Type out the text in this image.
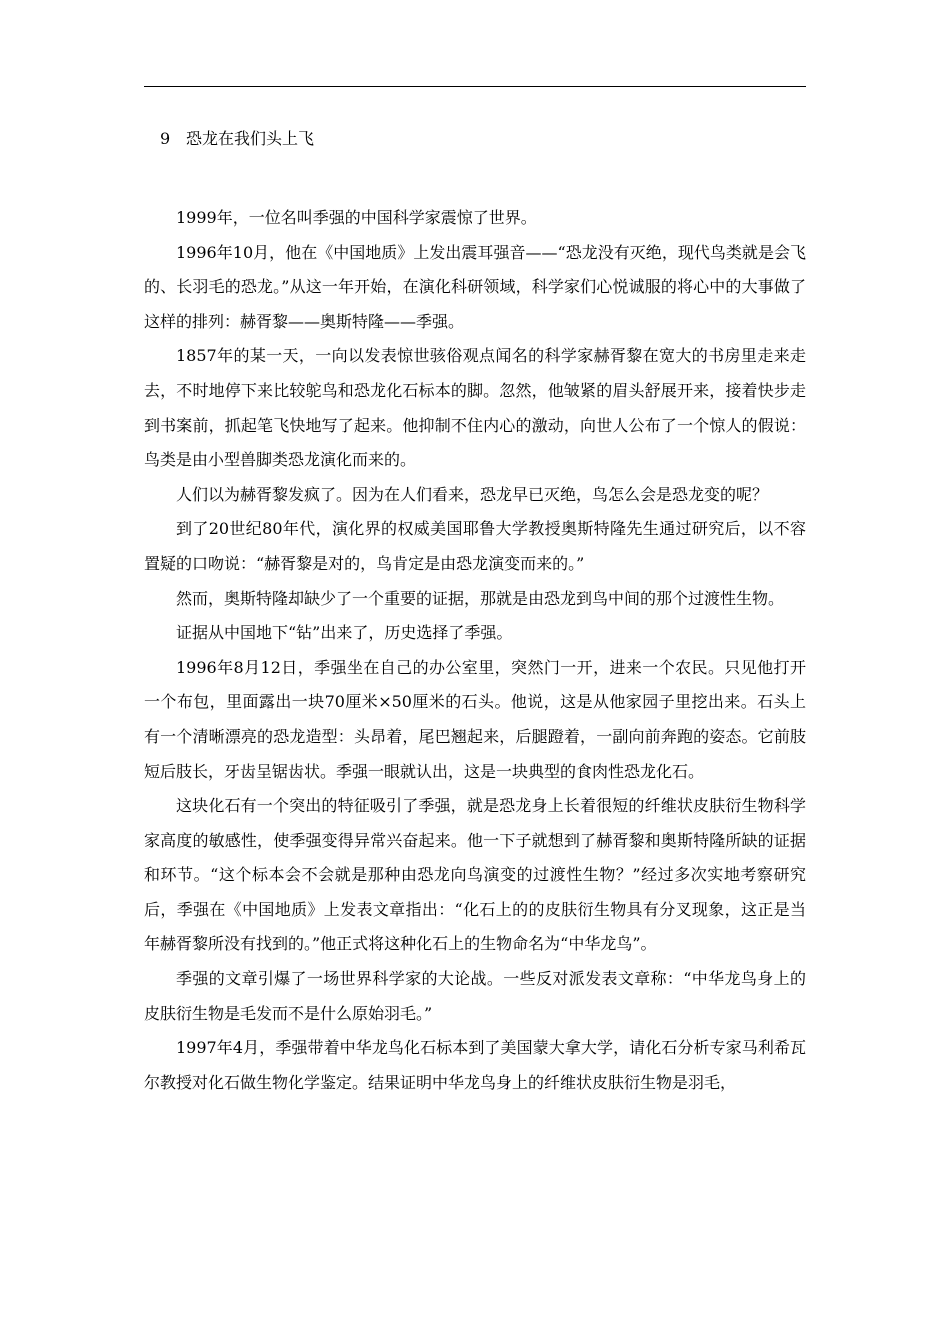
9 恐龙在我们头上飞

1999年，一位名叫季强的中国科学家震惊了世界。

1996年10月，他在《中国地质》上发出震耳强音——“恐龙没有灭绝，现代鸟类就是会飞的、长羽毛的恐龙。”从这一年开始，在演化科研领域，科学家们心悦诚服的将心中的大事做了这样的排列：赫胥黎——奥斯特隆——季强。

1857年的某一天，一向以发表惊世骇俗观点闻名的科学家赫胥黎在宽大的书房里走来走去，不时地停下来比较鸵鸟和恐龙化石标本的脚。忽然，他皱紧的眉头舒展开来，接着快步走到书案前，抓起笔飞快地写了起来。他抑制不住内心的激动，向世人公布了一个惊人的假说：鸟类是由小型兽脚类恐龙演化而来的。

人们以为赫胥黎发疯了。因为在人们看来，恐龙早已灭绝，鸟怎么会是恐龙变的呢？

到了20世纪80年代，演化界的权威美国耶鲁大学教授奥斯特隆先生通过研究后，以不容置疑的口吻说：“赫胥黎是对的，鸟肯定是由恐龙演变而来的。”

然而，奥斯特隆却缺少了一个重要的证据，那就是由恐龙到鸟中间的那个过渡性生物。

证据从中国地下“钻”出来了，历史选择了季强。

1996年8月12日，季强坐在自己的办公室里，突然门一开，进来一个农民。只见他打开一个布包，里面露出一块70厘米×50厘米的石头。他说，这是从他家园子里挖出来。石头上有一个清晰漂亮的恐龙造型：头昂着，尾巴翘起来，后腿蹬着，一副向前奔跑的姿态。它前肢短后肢长，牙齿呈锯齿状。季强一眼就认出，这是一块典型的食肉性恐龙化石。

这块化石有一个突出的特征吸引了季强，就是恐龙身上长着很短的纤维状皮肤衍生物科学家高度的敏感性，使季强变得异常兴奋起来。他一下子就想到了赫胥黎和奥斯特隆所缺的证据和环节。“这个标本会不会就是那种由恐龙向鸟演变的过渡性生物？”经过多次实地考察研究后，季强在《中国地质》上发表文章指出：“化石上的的皮肤衍生物具有分叉现象，这正是当年赫胥黎所没有找到的。”他正式将这种化石上的生物命名为“中华龙鸟”。

季强的文章引爆了一场世界科学家的大论战。一些反对派发表文章称：“中华龙鸟身上的皮肤衍生物是毛发而不是什么原始羽毛。”

1997年4月，季强带着中华龙鸟化石标本到了美国蒙大拿大学，请化石分析专家马利希瓦尔教授对化石做生物化学鉴定。结果证明中华龙鸟身上的纤维状皮肤衍生物是羽毛，
